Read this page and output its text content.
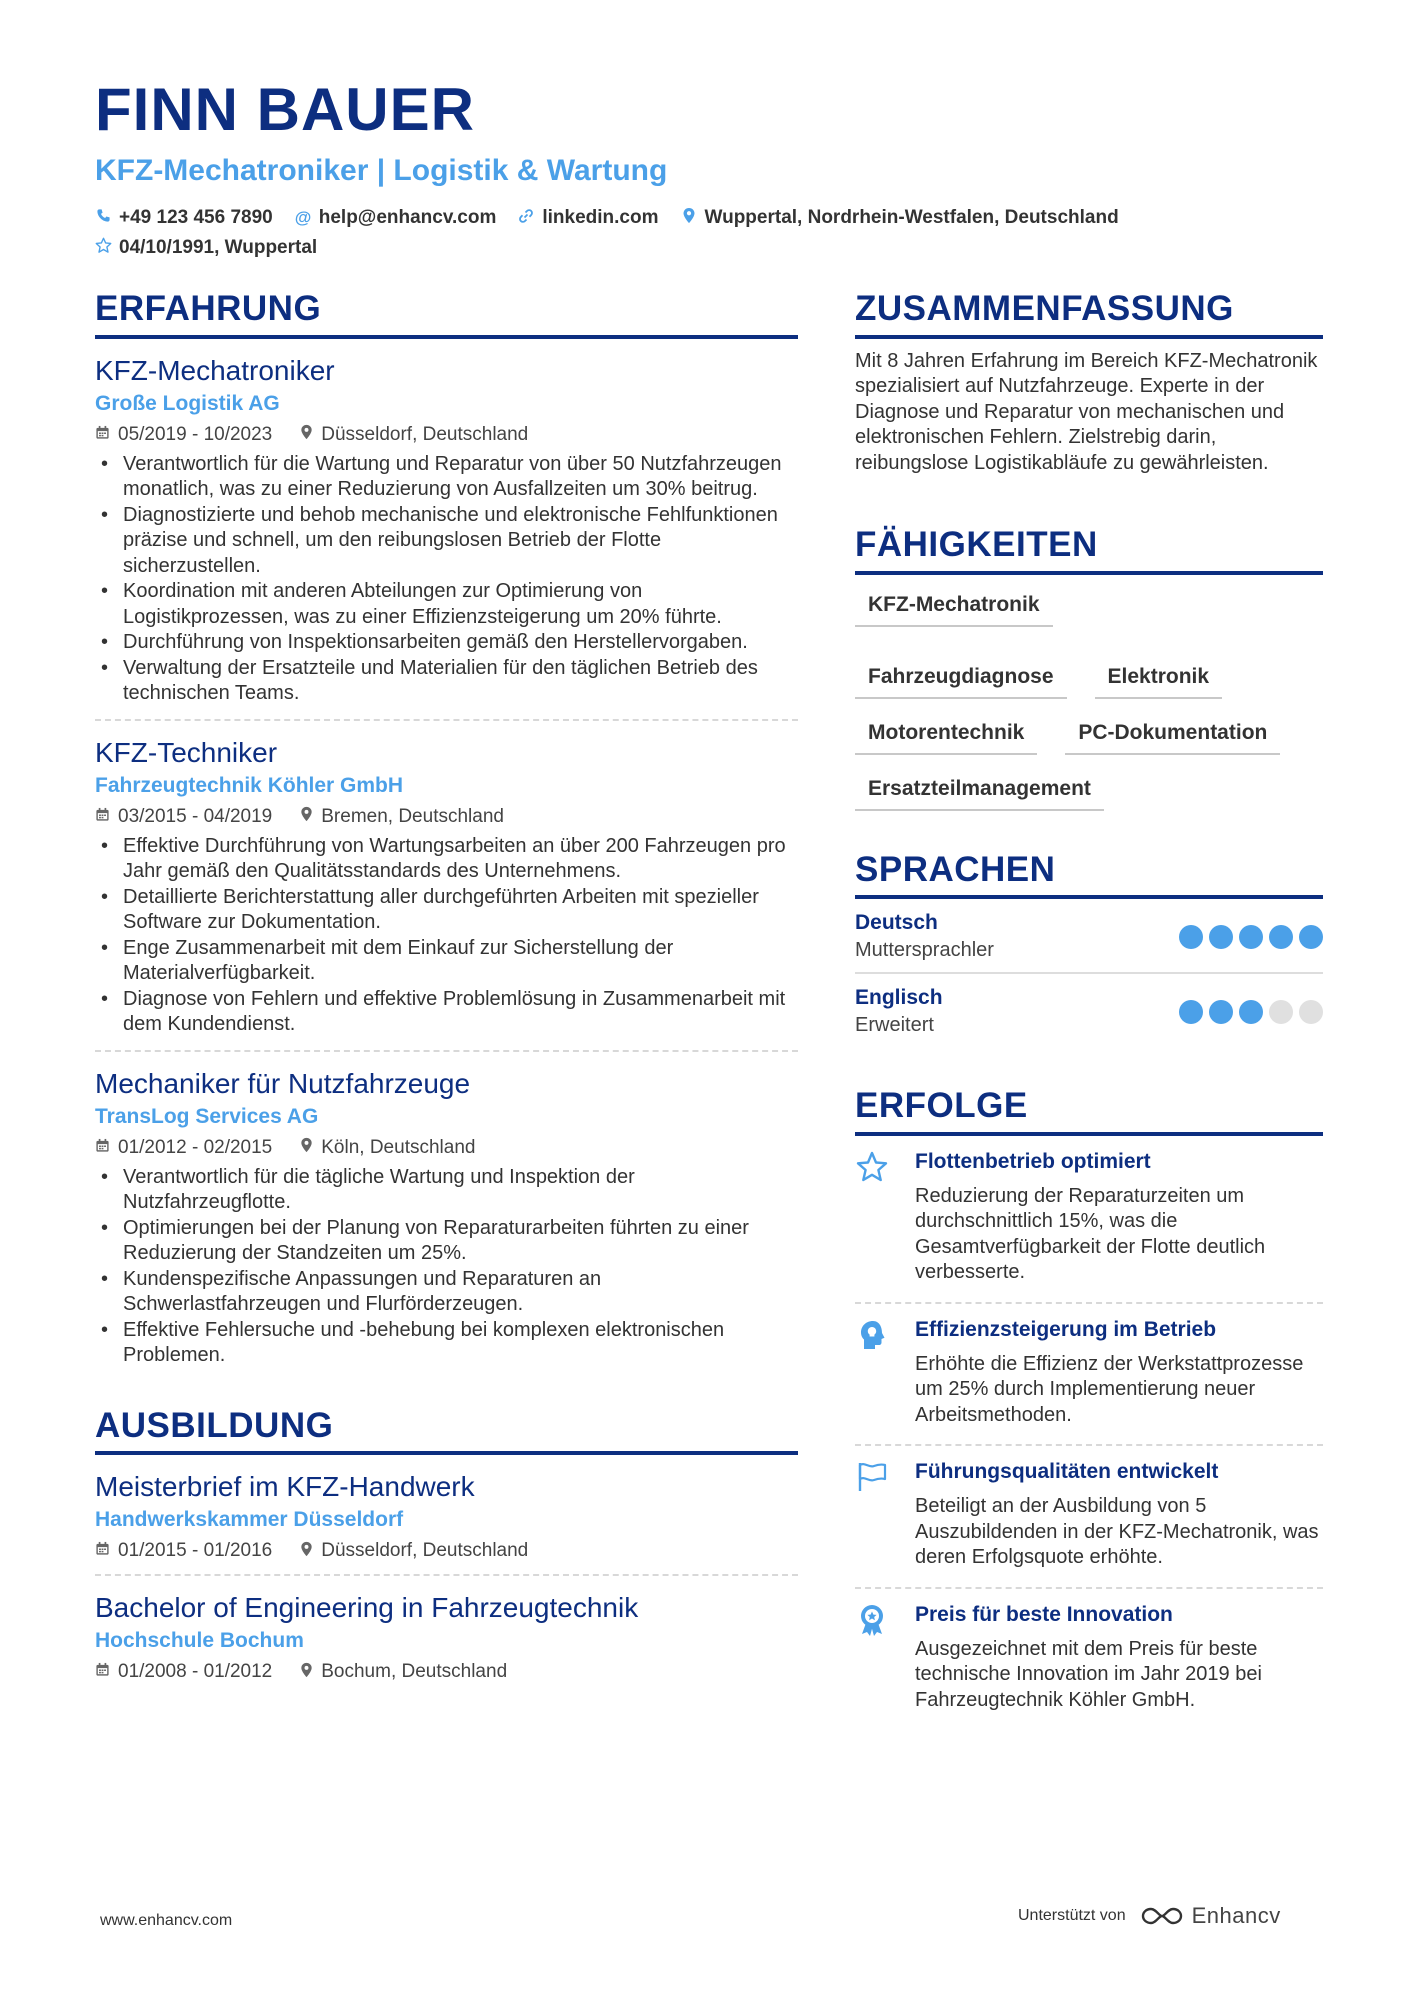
FINN BAUER
KFZ-Mechatroniker | Logistik & Wartung
+49 123 456 7890 @ help@enhancv.com linkedin.com Wuppertal, Nordrhein-Westfalen, Deutschland
04/10/1991, Wuppertal
ERFAHRUNG
KFZ-Mechatroniker
Große Logistik AG
05/2019 - 10/2023	Düsseldorf, Deutschland
• Verantwortlich für die Wartung und Reparatur von über 50 Nutzfahrzeugen monatlich, was zu einer Reduzierung von Ausfallzeiten um 30% beitrug.
• Diagnostizierte und behob mechanische und elektronische Fehlfunktionen präzise und schnell, um den reibungslosen Betrieb der Flotte sicherzustellen.
• Koordination mit anderen Abteilungen zur Optimierung von Logistikprozessen, was zu einer Effizienzsteigerung um 20% führte.
• Durchführung von Inspektionsarbeiten gemäß den Herstellervorgaben.
• Verwaltung der Ersatzteile und Materialien für den täglichen Betrieb des technischen Teams.
KFZ-Techniker
Fahrzeugtechnik Köhler GmbH
03/2015 - 04/2019	Bremen, Deutschland
• Effektive Durchführung von Wartungsarbeiten an über 200 Fahrzeugen pro Jahr gemäß den Qualitätsstandards des Unternehmens.
• Detaillierte Berichterstattung aller durchgeführten Arbeiten mit spezieller Software zur Dokumentation.
• Enge Zusammenarbeit mit dem Einkauf zur Sicherstellung der Materialverfügbarkeit.
• Diagnose von Fehlern und effektive Problemlösung in Zusammenarbeit mit dem Kundendienst.
Mechaniker für Nutzfahrzeuge
TransLog Services AG
01/2012 - 02/2015	Köln, Deutschland
• Verantwortlich für die tägliche Wartung und Inspektion der Nutzfahrzeugflotte.
• Optimierungen bei der Planung von Reparaturarbeiten führten zu einer Reduzierung der Standzeiten um 25%.
• Kundenspezifische Anpassungen und Reparaturen an Schwerlastfahrzeugen und Flurförderzeugen.
• Effektive Fehlersuche und -behebung bei komplexen elektronischen Problemen.
AUSBILDUNG
Meisterbrief im KFZ-Handwerk
Handwerkskammer Düsseldorf
01/2015 - 01/2016	Düsseldorf, Deutschland
Bachelor of Engineering in Fahrzeugtechnik
Hochschule Bochum
01/2008 - 01/2012	Bochum, Deutschland
ZUSAMMENFASSUNG
Mit 8 Jahren Erfahrung im Bereich KFZ-Mechatronik spezialisiert auf Nutzfahrzeuge. Experte in der Diagnose und Reparatur von mechanischen und elektronischen Fehlern. Zielstrebig darin, reibungslose Logistikabläufe zu gewährleisten.
FÄHIGKEITEN
KFZ-Mechatronik
Fahrzeugdiagnose	Elektronik
Motorentechnik	PC-Dokumentation
Ersatzteilmanagement
SPRACHEN
Deutsch
Muttersprachler
Englisch
Erweitert
ERFOLGE
Flottenbetrieb optimiert
Reduzierung der Reparaturzeiten um durchschnittlich 15%, was die Gesamtverfügbarkeit der Flotte deutlich verbesserte.
Effizienzsteigerung im Betrieb
Erhöhte die Effizienz der Werkstattprozesse um 25% durch Implementierung neuer Arbeitsmethoden.
Führungsqualitäten entwickelt
Beteiligt an der Ausbildung von 5 Auszubildenden in der KFZ-Mechatronik, was deren Erfolgsquote erhöhte.
Preis für beste Innovation
Ausgezeichnet mit dem Preis für beste technische Innovation im Jahr 2019 bei Fahrzeugtechnik Köhler GmbH.
www.enhancv.com	Unterstützt von	Enhancv
